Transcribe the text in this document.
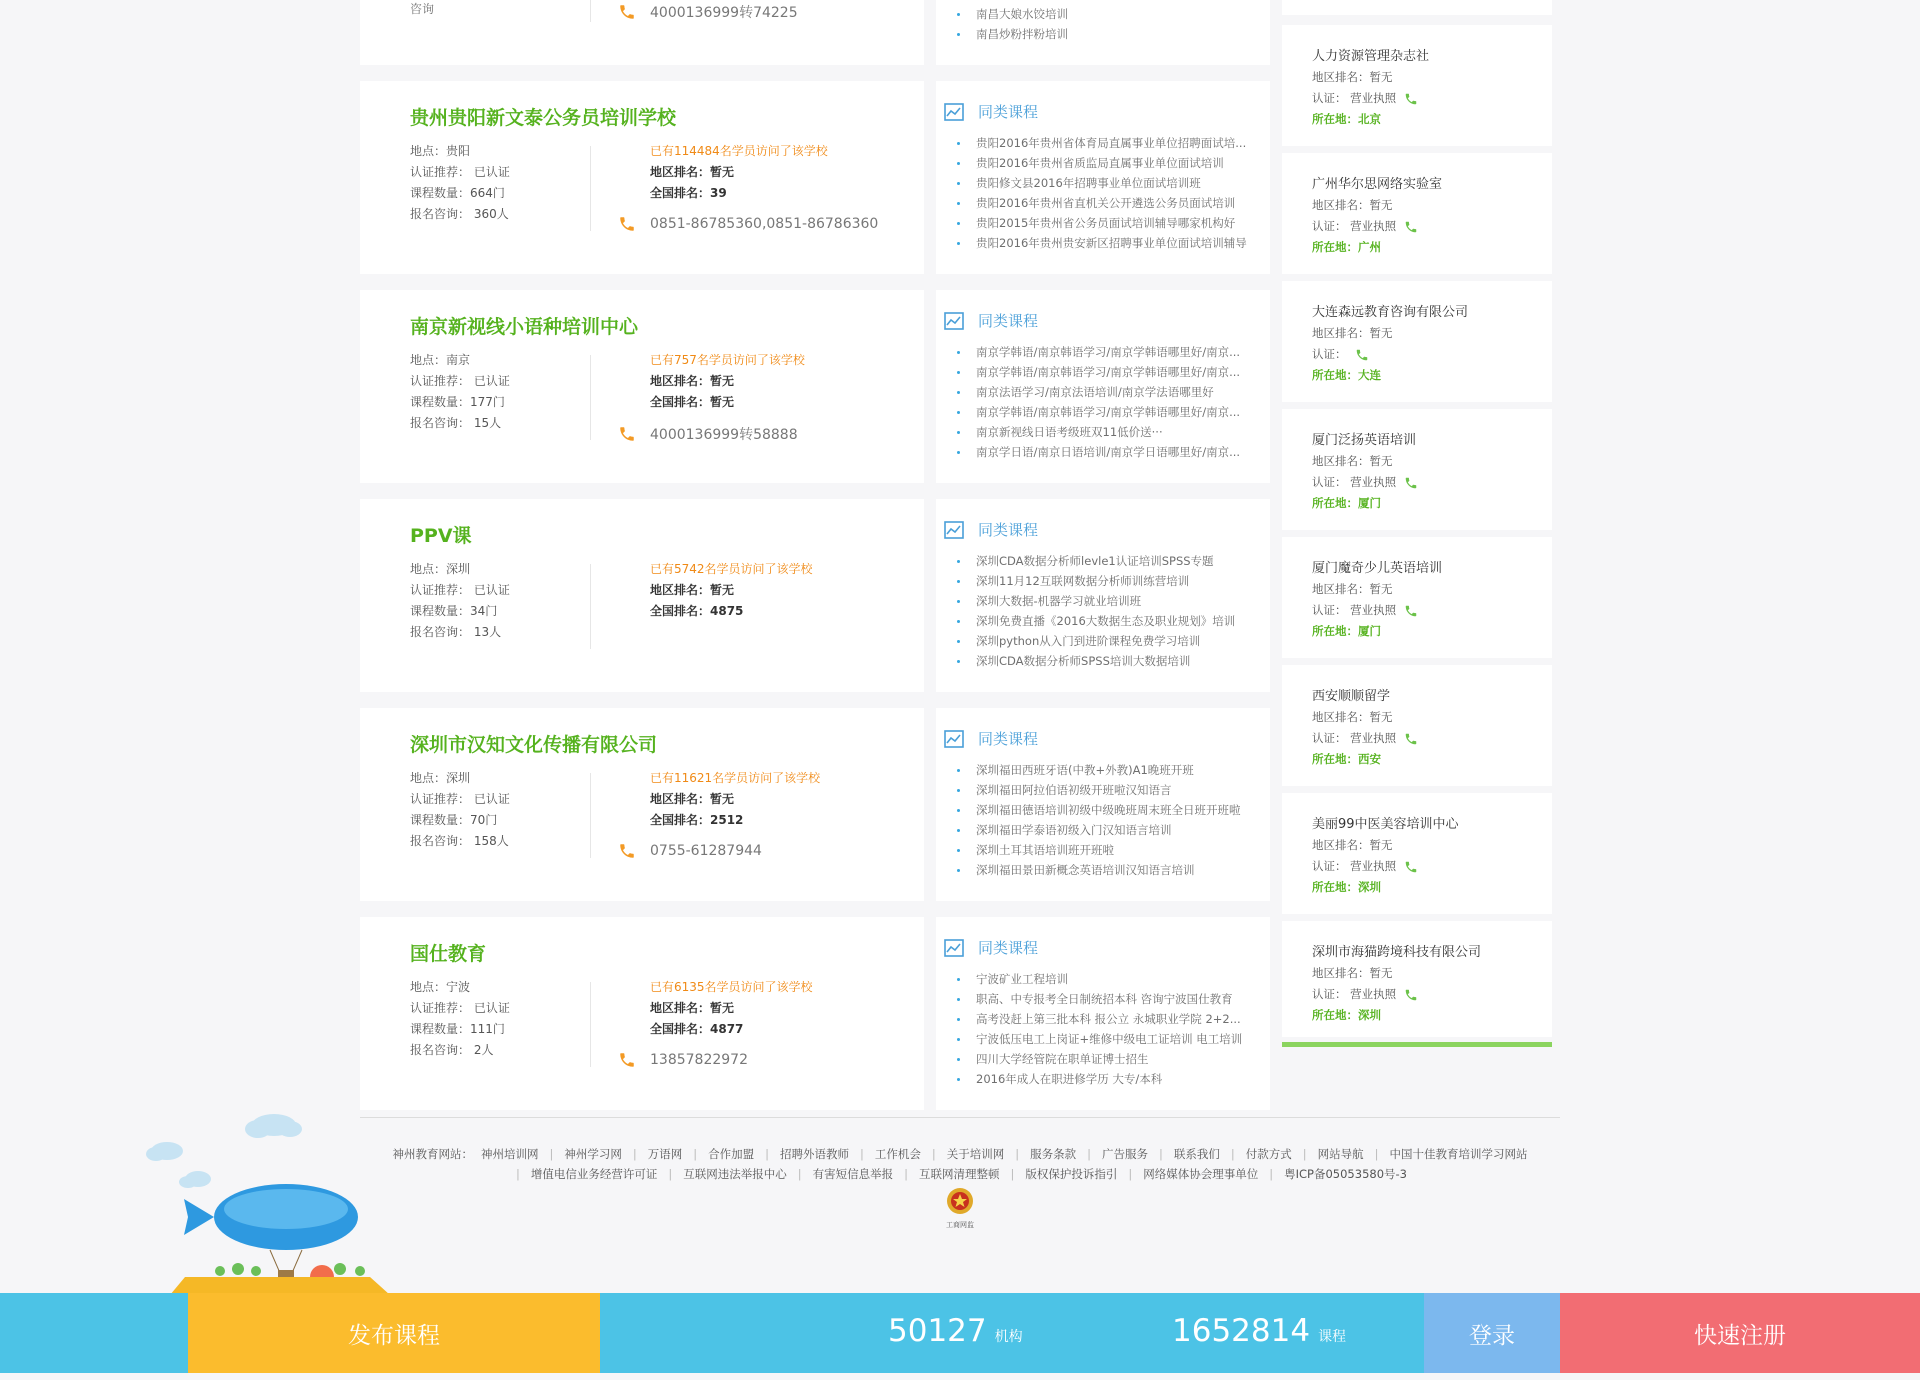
咨询	4000136999转74225	南昌大娘水饺培训
南昌炒粉拌粉培训
人力资源管理杂志社
地区排名：暂无
认证： 营业执照
所在地：北京
广州华尔思网络实验室
地区排名：暂无
认证： 营业执照
所在地：广州
大连森远教育咨询有限公司
地区排名：暂无
认证：
所在地：大连
厦门泛扬英语培训
地区排名：暂无
认证： 营业执照
所在地：厦门
厦门魔奇少儿英语培训
地区排名：暂无
认证： 营业执照
所在地：厦门
西安顺顺留学
地区排名：暂无
认证： 营业执照
所在地：西安
美丽99中医美容培训中心
地区排名：暂无
认证： 营业执照
所在地：深圳
深圳市海猫跨境科技有限公司
地区排名：暂无
认证： 营业执照
所在地：深圳
贵州贵阳新文泰公务员培训学校
地点：贵阳
认证推荐： 已认证
课程数量：664门
报名咨询： 360人
已有114484名学员访问了该学校
地区排名：暂无
全国排名：39
0851-86785360,0851-86786360
同类课程
贵阳2016年贵州省体育局直属事业单位招聘面试培...
贵阳2016年贵州省质监局直属事业单位面试培训
贵阳修文县2016年招聘事业单位面试培训班
贵阳2016年贵州省直机关公开遴选公务员面试培训
贵阳2015年贵州省公务员面试培训辅导哪家机构好
贵阳2016年贵州贵安新区招聘事业单位面试培训辅导
南京新视线小语种培训中心
地点：南京
认证推荐： 已认证
课程数量：177门
报名咨询： 15人
已有757名学员访问了该学校
地区排名：暂无
全国排名：暂无
4000136999转58888
同类课程
南京学韩语/南京韩语学习/南京学韩语哪里好/南京...
南京学韩语/南京韩语学习/南京学韩语哪里好/南京...
南京法语学习/南京法语培训/南京学法语哪里好
南京学韩语/南京韩语学习/南京学韩语哪里好/南京...
南京新视线日语考级班双11低价送···
南京学日语/南京日语培训/南京学日语哪里好/南京...
PPV课
地点：深圳
认证推荐： 已认证
课程数量：34门
报名咨询： 13人
已有5742名学员访问了该学校
地区排名：暂无
全国排名：4875
同类课程
深圳CDA数据分析师levle1认证培训SPSS专题
深圳11月12互联网数据分析师训练营培训
深圳大数据-机器学习就业培训班
深圳免费直播《2016大数据生态及职业规划》培训
深圳python从入门到进阶课程免费学习培训
深圳CDA数据分析师SPSS培训大数据培训
深圳市汉知文化传播有限公司
地点：深圳
认证推荐： 已认证
课程数量：70门
报名咨询： 158人
已有11621名学员访问了该学校
地区排名：暂无
全国排名：2512
0755-61287944
同类课程
深圳福田西班牙语(中教+外教)A1晚班开班
深圳福田阿拉伯语初级开班啦汉知语言
深圳福田德语培训初级中级晚班周末班全日班开班啦
深圳福田学泰语初级入门汉知语言培训
深圳土耳其语培训班开班啦
深圳福田景田新概念英语培训汉知语言培训
国仕教育
地点：宁波
认证推荐： 已认证
课程数量：111门
报名咨询： 2人
已有6135名学员访问了该学校
地区排名：暂无
全国排名：4877
13857822972
同类课程
宁波矿业工程培训
职高、中专报考全日制统招本科 咨询宁波国仕教育
高考没赶上第三批本科 报公立 永城职业学院 2+2...
宁波低压电工上岗证+维修中级电工证培训 电工培训
四川大学经管院在职单证博士招生
2016年成人在职进修学历 大专/本科
神州教育网站： 神州培训网 | 神州学习网 | 万语网 | 合作加盟 | 招聘外语教师 | 工作机会 | 关于培训网 | 服务条款 | 广告服务 | 联系我们 | 付款方式 | 网站导航 | 中国十佳教育培训学习网站
| 增值电信业务经营许可证 | 互联网违法举报中心 | 有害短信息举报 | 互联网清理整顿 | 版权保护投诉指引 | 网络媒体协会理事单位 | 粤ICP备05053580号-3
工商网监
发布课程	50127 机构	1652814 课程	登录	快速注册
